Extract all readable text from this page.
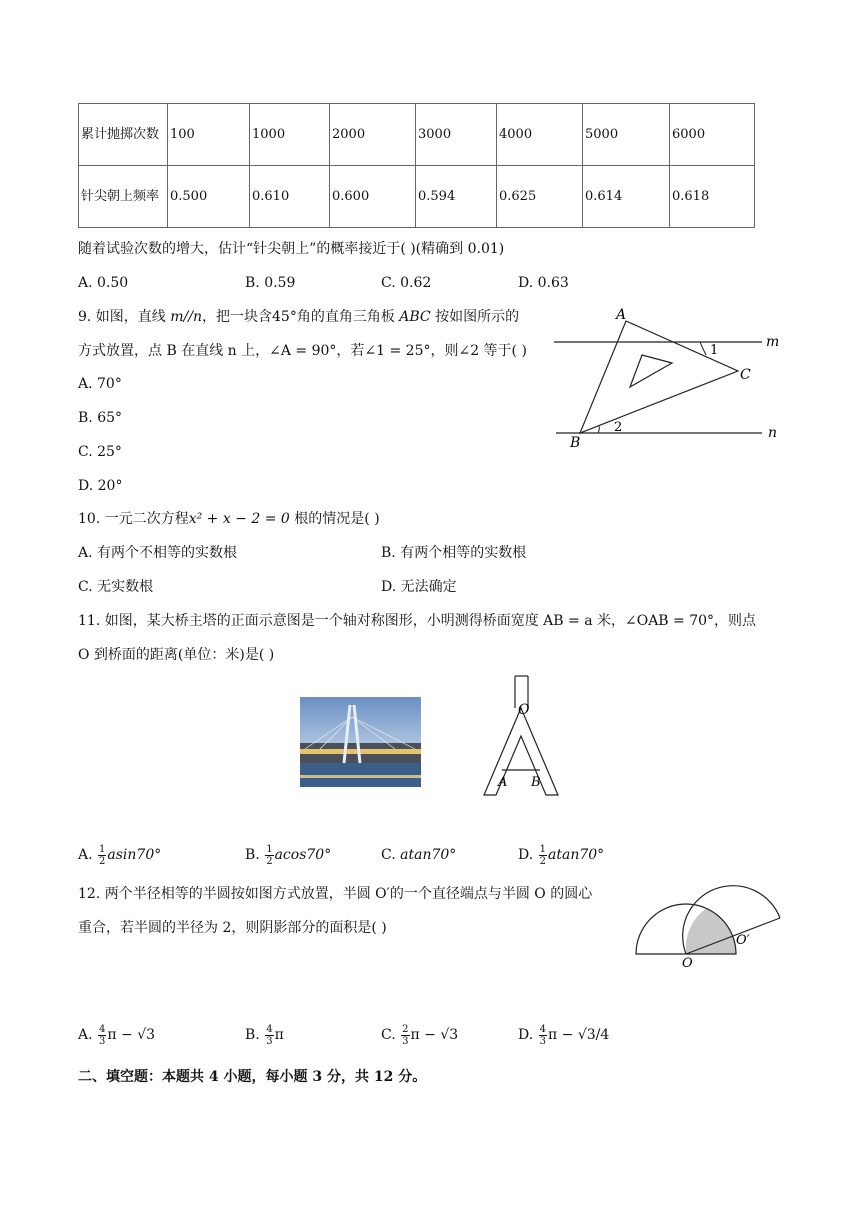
累计抛掷次数	100	1000	2000	3000	4000	5000	6000
针尖朝上频率	0.500	0.610	0.600	0.594	0.625	0.614	0.618
随着试验次数的增大，估计“针尖朝上”的概率接近于( )(精确到 0.01)
A. 0.50	B. 0.59	C. 0.62	D. 0.63
9. 如图，直线 m//n，把一块含45°角的直角三角板 ABC 按如图所示的
方式放置，点 B 在直线 n 上，∠A = 90°，若∠1 = 25°，则∠2 等于( )
A. 70°
B. 65°
C. 25°
D. 20°
A
B
C
m
n
1
2
10. 一元二次方程x² + x − 2 = 0 根的情况是( )
A. 有两个不相等的实数根	B. 有两个相等的实数根
C. 无实数根	D. 无法确定
11. 如图，某大桥主塔的正面示意图是一个轴对称图形，小明测得桥面宽度 AB = a 米，∠OAB = 70°，则点
O 到桥面的距离(单位：米)是( )
O
A B
A. $\frac{1}{2} asin70^\circ$	B. $\frac{1}{2} acos70^\circ$	C. atan70°	D. $\frac{1}{2} atan70^\circ$
12. 两个半径相等的半圆按如图方式放置，半圆 O′的一个直径端点与半圆 O 的圆心
重合，若半圆的半径为 2，则阴影部分的面积是( )
O
O′
A. $\frac{4}{3}$ π − √3	B. $\frac{4}{3}$ π	C. $\frac{2}{3}$ π − √3	D. $\frac{4}{3}$ π − √3/4
二、填空题：本题共 4 小题，每小题 3 分，共 12 分。
